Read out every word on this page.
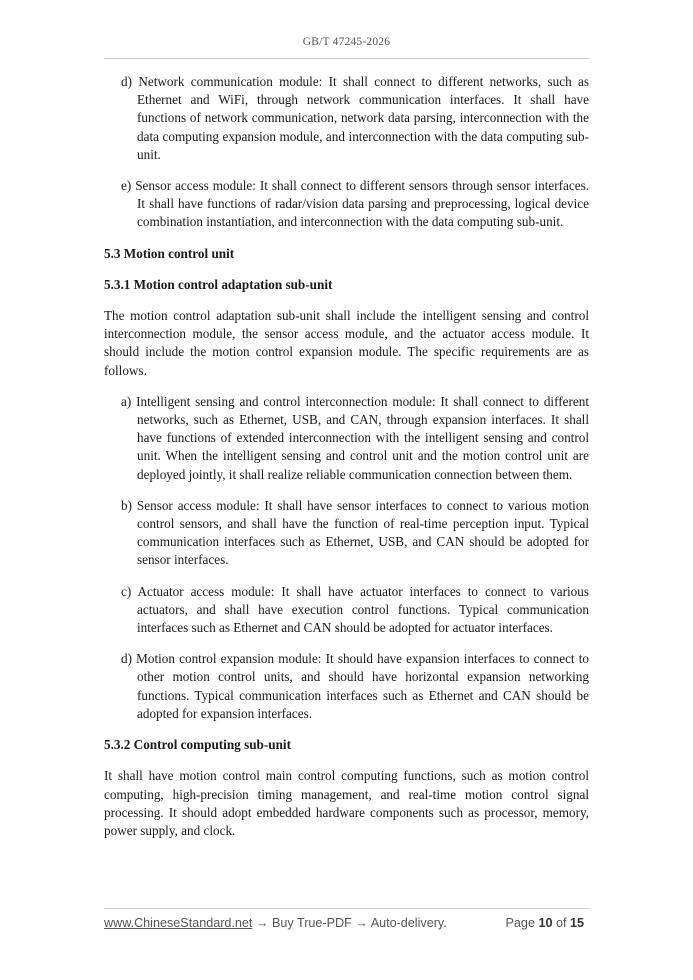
GB/T 47245-2026

d) Network communication module: It shall connect to different networks, such as Ethernet and WiFi, through network communication interfaces. It shall have functions of network communication, network data parsing, interconnection with the data computing expansion module, and interconnection with the data computing sub-unit.

e) Sensor access module: It shall connect to different sensors through sensor interfaces. It shall have functions of radar/vision data parsing and preprocessing, logical device combination instantiation, and interconnection with the data computing sub-unit.

5.3 Motion control unit

5.3.1 Motion control adaptation sub-unit

The motion control adaptation sub-unit shall include the intelligent sensing and control interconnection module, the sensor access module, and the actuator access module. It should include the motion control expansion module. The specific requirements are as follows.

a) Intelligent sensing and control interconnection module: It shall connect to different networks, such as Ethernet, USB, and CAN, through expansion interfaces. It shall have functions of extended interconnection with the intelligent sensing and control unit. When the intelligent sensing and control unit and the motion control unit are deployed jointly, it shall realize reliable communication connection between them.

b) Sensor access module: It shall have sensor interfaces to connect to various motion control sensors, and shall have the function of real-time perception input. Typical communication interfaces such as Ethernet, USB, and CAN should be adopted for sensor interfaces.

c) Actuator access module: It shall have actuator interfaces to connect to various actuators, and shall have execution control functions. Typical communication interfaces such as Ethernet and CAN should be adopted for actuator interfaces.

d) Motion control expansion module: It should have expansion interfaces to connect to other motion control units, and should have horizontal expansion networking functions. Typical communication interfaces such as Ethernet and CAN should be adopted for expansion interfaces.

5.3.2 Control computing sub-unit

It shall have motion control main control computing functions, such as motion control computing, high-precision timing management, and real-time motion control signal processing. It should adopt embedded hardware components such as processor, memory, power supply, and clock.

www.ChineseStandard.net → Buy True-PDF → Auto-delivery.	Page 10 of 15
